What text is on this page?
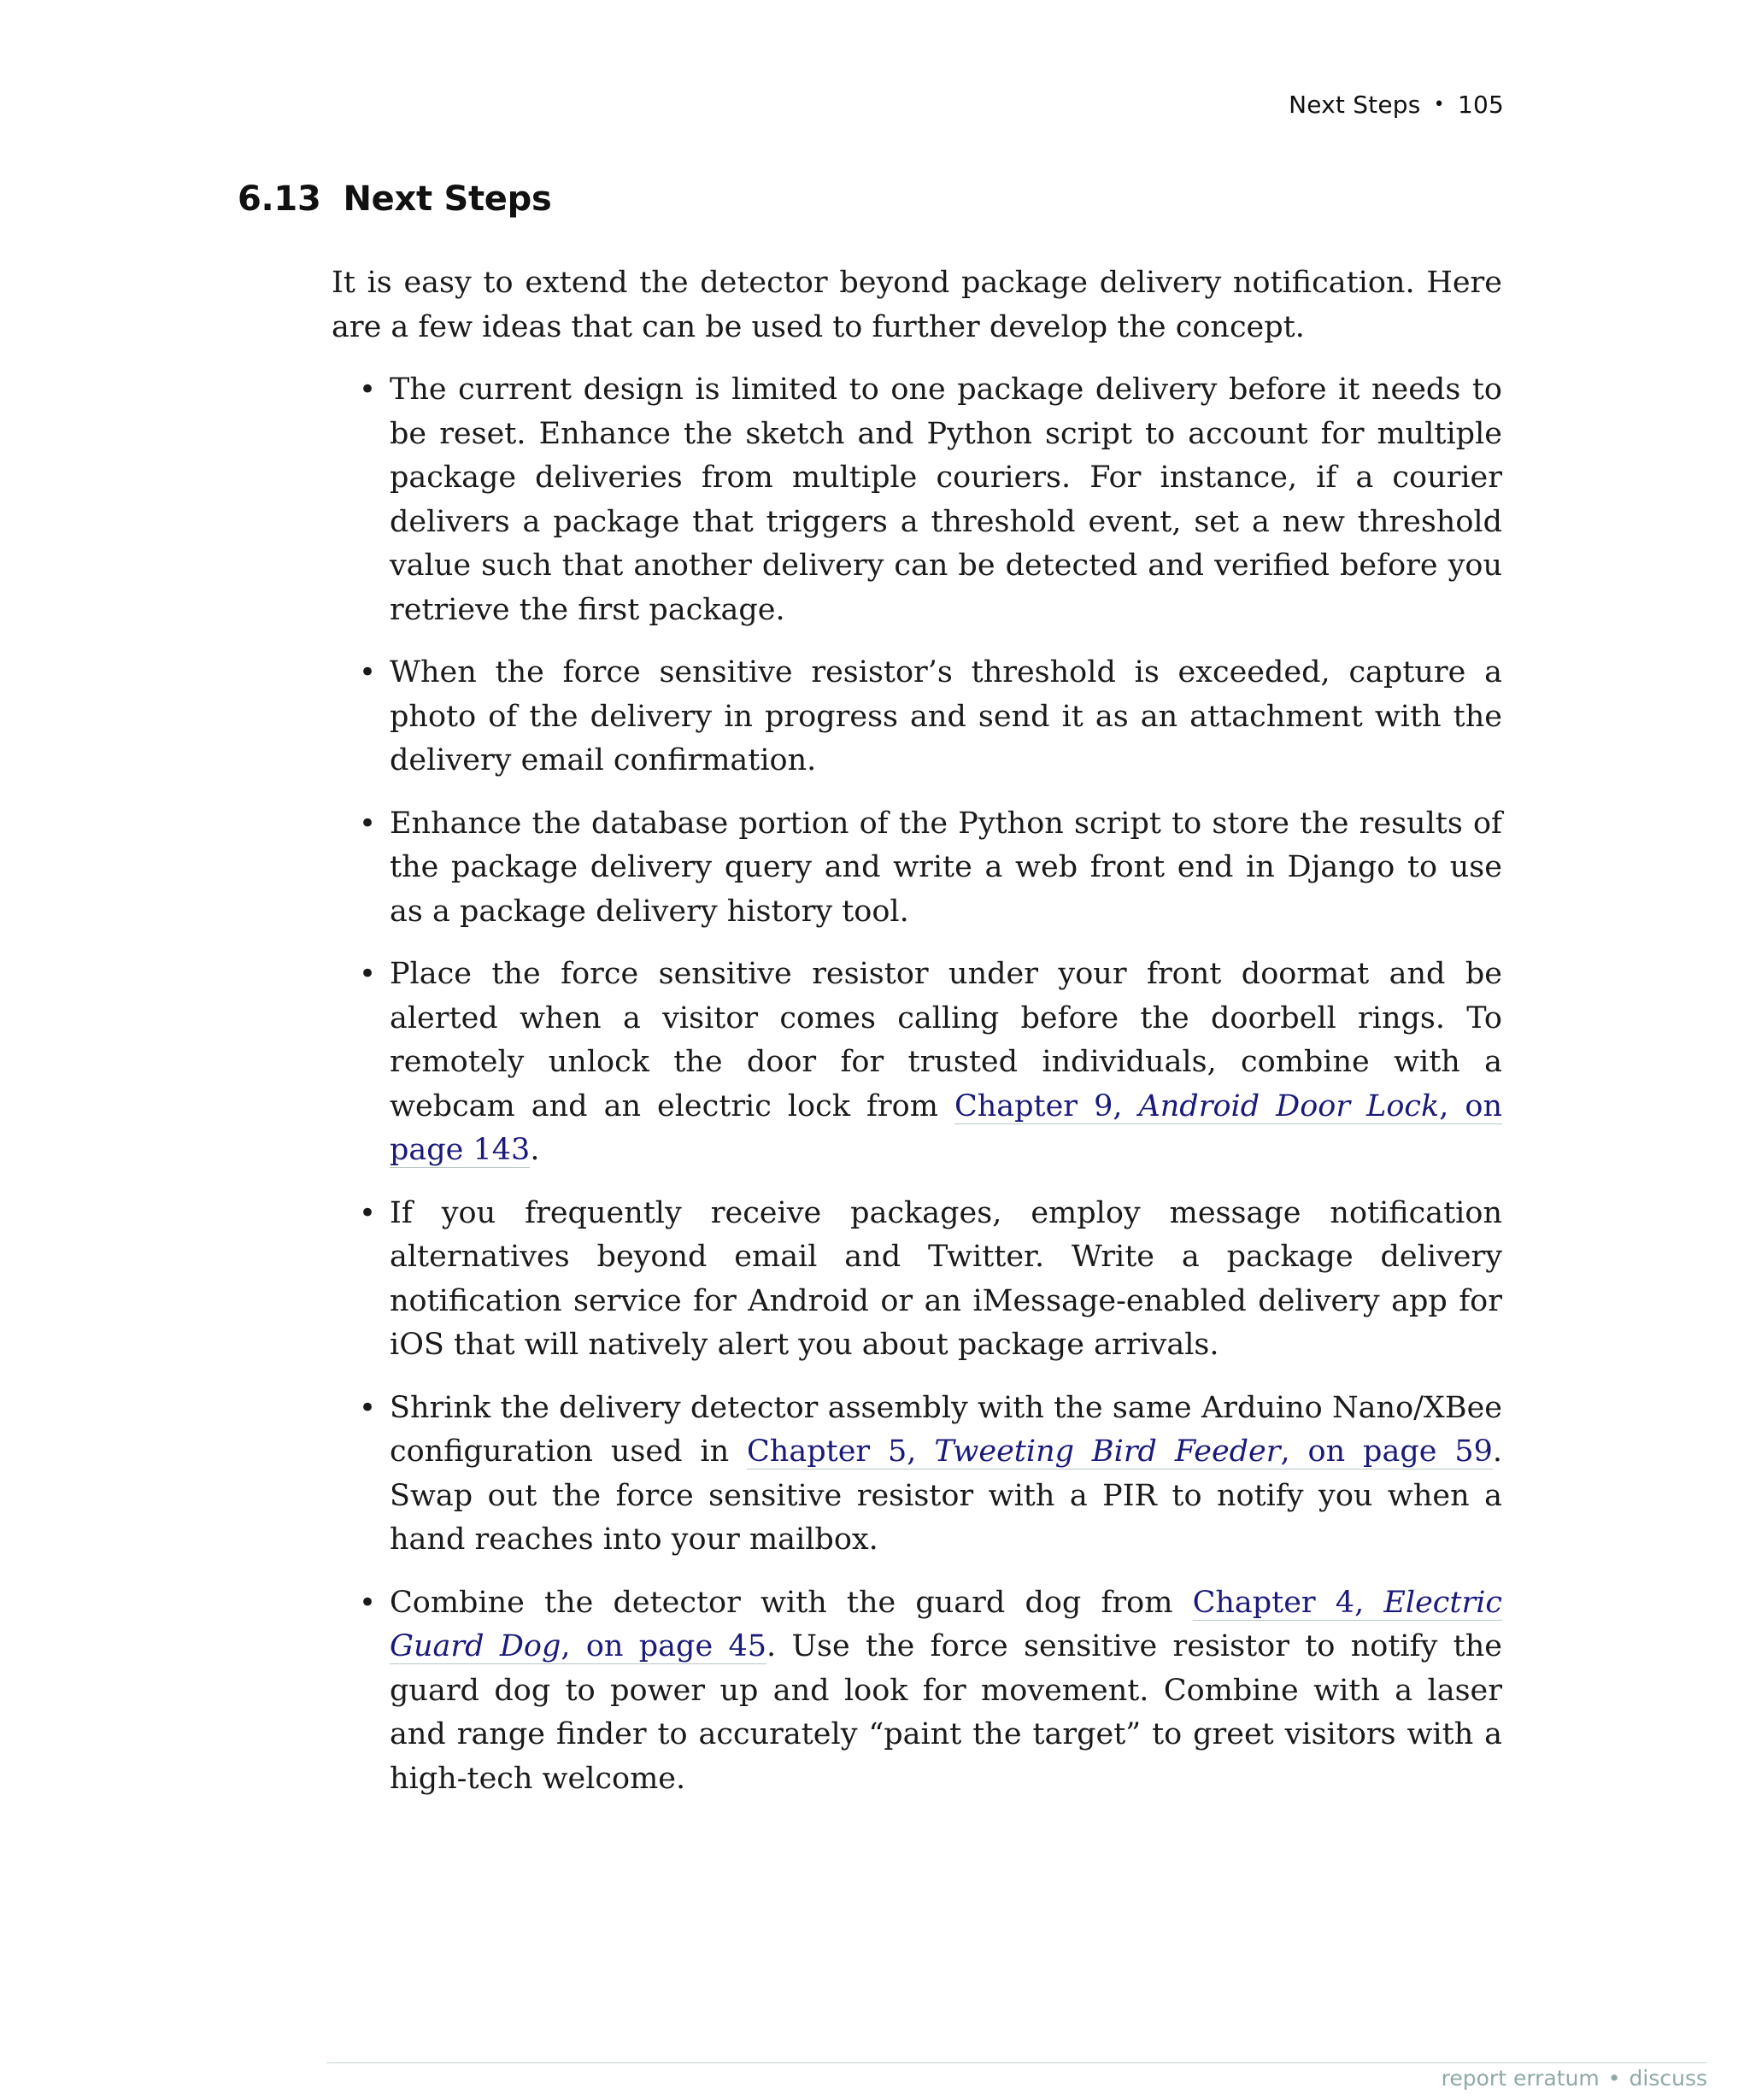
Next Steps • 105
6.13 Next Steps

It is easy to extend the detector beyond package delivery notification. Here are a few ideas that can be used to further develop the concept.

• The current design is limited to one package delivery before it needs to be reset. Enhance the sketch and Python script to account for multiple package deliveries from multiple couriers. For instance, if a courier delivers a package that triggers a threshold event, set a new threshold value such that another delivery can be detected and verified before you retrieve the first package.
• When the force sensitive resistor’s threshold is exceeded, capture a photo of the delivery in progress and send it as an attachment with the delivery email confirmation.
• Enhance the database portion of the Python script to store the results of the package delivery query and write a web front end in Django to use as a package delivery history tool.
• Place the force sensitive resistor under your front doormat and be alerted when a visitor comes calling before the doorbell rings. To remotely unlock the door for trusted individuals, combine with a webcam and an electric lock from Chapter 9, Android Door Lock, on page 143.
• If you frequently receive packages, employ message notification alternatives beyond email and Twitter. Write a package delivery notification service for Android or an iMessage-enabled delivery app for iOS that will natively alert you about package arrivals.
• Shrink the delivery detector assembly with the same Arduino Nano/XBee configuration used in Chapter 5, Tweeting Bird Feeder, on page 59. Swap out the force sensitive resistor with a PIR to notify you when a hand reaches into your mailbox.
• Combine the detector with the guard dog from Chapter 4, Electric Guard Dog, on page 45. Use the force sensitive resistor to notify the guard dog to power up and look for movement. Combine with a laser and range finder to accurately “paint the target” to greet visitors with a high-tech welcome.
report erratum • discuss
